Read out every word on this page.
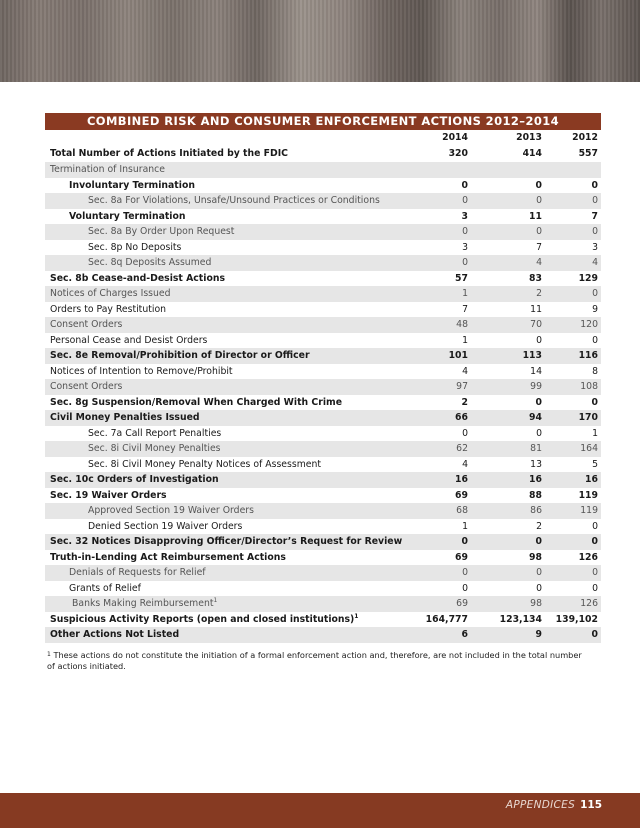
COMBINED RISK AND CONSUMER ENFORCEMENT ACTIONS 2012–2014
2014	2013	2012
Total Number of Actions Initiated by the FDIC	320	414	557
Termination of Insurance
Involuntary Termination	0	0	0
Sec. 8a For Violations, Unsafe/Unsound Practices or Conditions	0	0	0
Voluntary Termination	3	11	7
Sec. 8a By Order Upon Request	0	0	0
Sec. 8p No Deposits	3	7	3
Sec. 8q Deposits Assumed	0	4	4
Sec. 8b Cease-and-Desist Actions	57	83	129
Notices of Charges Issued	1	2	0
Orders to Pay Restitution	7	11	9
Consent Orders	48	70	120
Personal Cease and Desist Orders	1	0	0
Sec. 8e Removal/Prohibition of Director or Officer	101	113	116
Notices of Intention to Remove/Prohibit	4	14	8
Consent Orders	97	99	108
Sec. 8g Suspension/Removal When Charged With Crime	2	0	0
Civil Money Penalties Issued	66	94	170
Sec. 7a Call Report Penalties	0	0	1
Sec. 8i Civil Money Penalties	62	81	164
Sec. 8i Civil Money Penalty Notices of Assessment	4	13	5
Sec. 10c Orders of Investigation	16	16	16
Sec. 19 Waiver Orders	69	88	119
Approved Section 19 Waiver Orders	68	86	119
Denied Section 19 Waiver Orders	1	2	0
Sec. 32 Notices Disapproving Officer/Director’s Request for Review	0	0	0
Truth-in-Lending Act Reimbursement Actions	69	98	126
Denials of Requests for Relief	0	0	0
Grants of Relief	0	0	0
Banks Making Reimbursement$^1$	69	98	126
Suspicious Activity Reports (open and closed institutions)$^1$	164,777	123,134	139,102
Other Actions Not Listed	6	9	0
$^1$ These actions do not constitute the initiation of a formal enforcement action and, therefore, are not included in the total number of actions initiated.
APPENDICES 115
